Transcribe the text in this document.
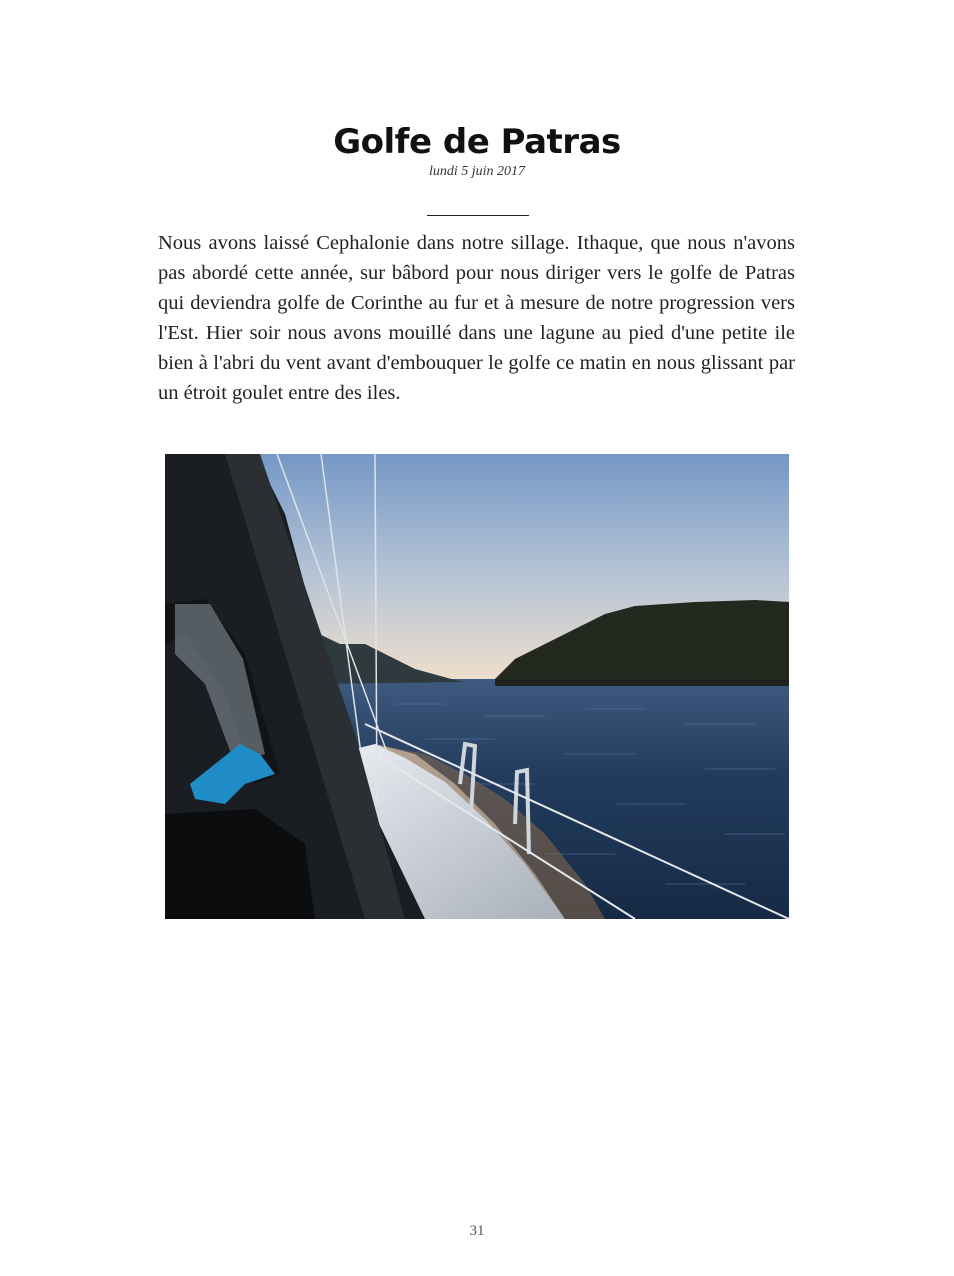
Golfe de Patras
lundi 5 juin 2017

Nous avons laissé Cephalonie dans notre sillage. Ithaque, que nous n'avons pas abordé cette année, sur bâbord pour nous diriger vers le golfe de Patras qui deviendra golfe de Corinthe au fur et à mesure de notre progression vers l'Est. Hier soir nous avons mouillé dans une lagune au pied d'une petite ile bien à l'abri du vent avant d'embouquer le golfe ce matin en nous glissant par un étroit goulet entre des iles.

31
